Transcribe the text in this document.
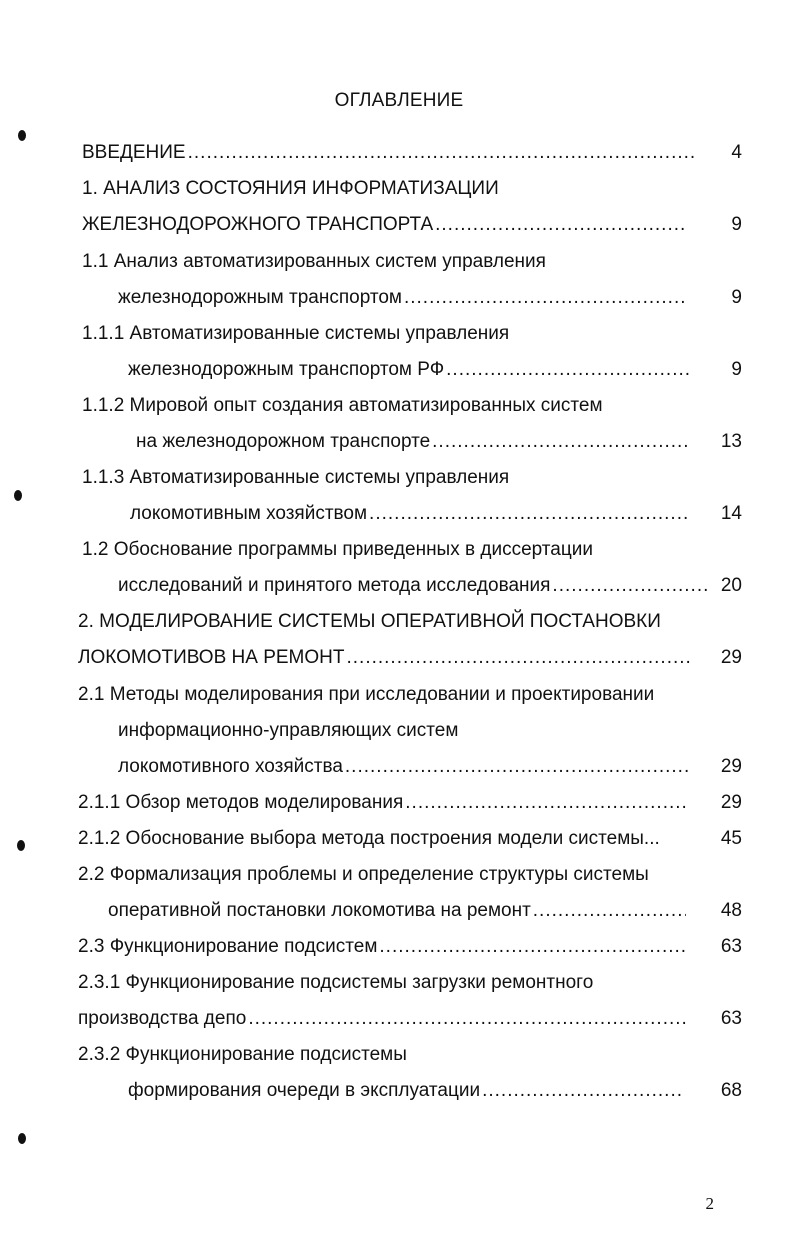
ОГЛАВЛЕНИЕ
ВВЕДЕНИЕ .....	4
1. АНАЛИЗ СОСТОЯНИЯ ИНФОРМАТИЗАЦИИ
ЖЕЛЕЗНОДОРОЖНОГО ТРАНСПОРТА .....	9
1.1 Анализ автоматизированных систем управления
железнодорожным транспортом .....	9
1.1.1 Автоматизированные системы управления
железнодорожным транспортом РФ .....	9
1.1.2 Мировой опыт создания автоматизированных систем
на железнодорожном транспорте .....	13
1.1.3 Автоматизированные системы управления
локомотивным хозяйством .....	14
1.2 Обоснование программы приведенных в диссертации
исследований и принятого метода исследования .....	20
2. МОДЕЛИРОВАНИЕ СИСТЕМЫ ОПЕРАТИВНОЙ ПОСТАНОВКИ
ЛОКОМОТИВОВ НА РЕМОНТ .....	29
2.1 Методы моделирования при исследовании и проектировании
информационно-управляющих систем
локомотивного хозяйства .....	29
2.1.1 Обзор методов моделирования .....	29
2.1.2 Обоснование выбора метода построения модели системы...	45
2.2 Формализация проблемы и определение структуры системы
оперативной постановки локомотива на ремонт .....	48
2.3 Функционирование подсистем .....	63
2.3.1 Функционирование подсистемы загрузки ремонтного
производства депо .....	63
2.3.2 Функционирование подсистемы
формирования очереди в эксплуатации .....	68
2
